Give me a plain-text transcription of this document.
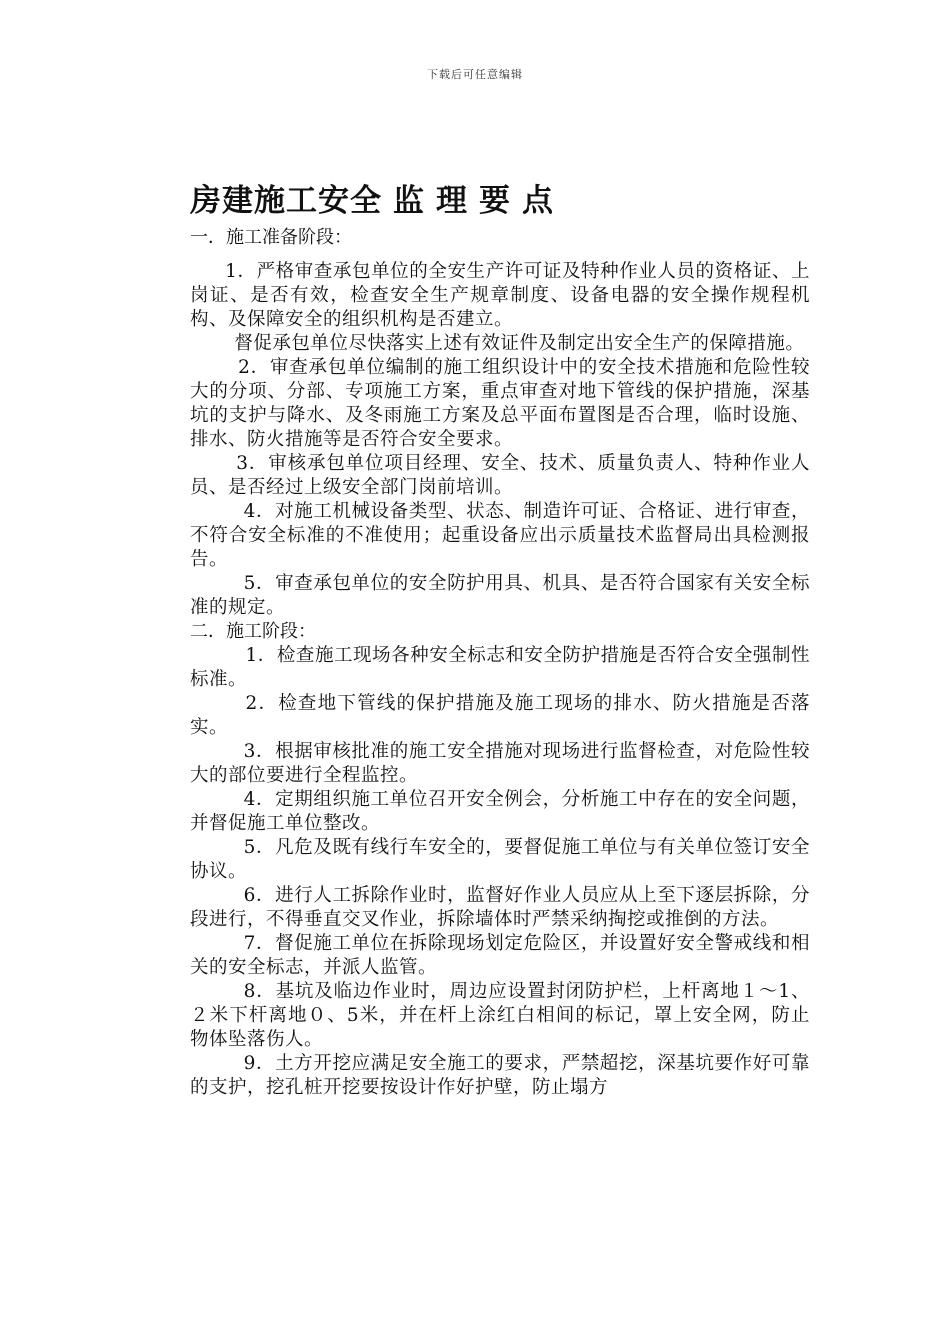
下载后可任意编辑
房建施工安全监理要点
一．施工准备阶段：

1．严格审查承包单位的全安生产许可证及特种作业人员的资格证、上岗证、是否有效，检查安全生产规章制度、设备电器的安全操作规程机构、及保障安全的组织机构是否建立。

督促承包单位尽快落实上述有效证件及制定出安全生产的保障措施。

2．审查承包单位编制的施工组织设计中的安全技术措施和危险性较大的分项、分部、专项施工方案，重点审查对地下管线的保护措施，深基坑的支护与降水、及冬雨施工方案及总平面布置图是否合理，临时设施、排水、防火措施等是否符合安全要求。

3．审核承包单位项目经理、安全、技术、质量负责人、特种作业人员、是否经过上级安全部门岗前培训。

4．对施工机械设备类型、状态、制造许可证、合格证、进行审查，不符合安全标准的不准使用；起重设备应出示质量技术监督局出具检测报告。

5．审查承包单位的安全防护用具、机具、是否符合国家有关安全标准的规定。

二．施工阶段：

1．检查施工现场各种安全标志和安全防护措施是否符合安全强制性标准。

2．检查地下管线的保护措施及施工现场的排水、防火措施是否落实。

3．根据审核批准的施工安全措施对现场进行监督检查，对危险性较大的部位要进行全程监控。

4．定期组织施工单位召开安全例会，分析施工中存在的安全问题，并督促施工单位整改。

5．凡危及既有线行车安全的，要督促施工单位与有关单位签订安全协议。

6．进行人工拆除作业时，监督好作业人员应从上至下逐层拆除，分段进行，不得垂直交叉作业，拆除墙体时严禁采纳掏挖或推倒的方法。

7．督促施工单位在拆除现场划定危险区，并设置好安全警戒线和相关的安全标志，并派人监管。

8．基坑及临边作业时，周边应设置封闭防护栏，上杆离地１～1、２米下杆离地０、5米，并在杆上涂红白相间的标记，罩上安全网，防止物体坠落伤人。

9．土方开挖应满足安全施工的要求，严禁超挖，深基坑要作好可靠的支护，挖孔桩开挖要按设计作好护壁，防止塌方
